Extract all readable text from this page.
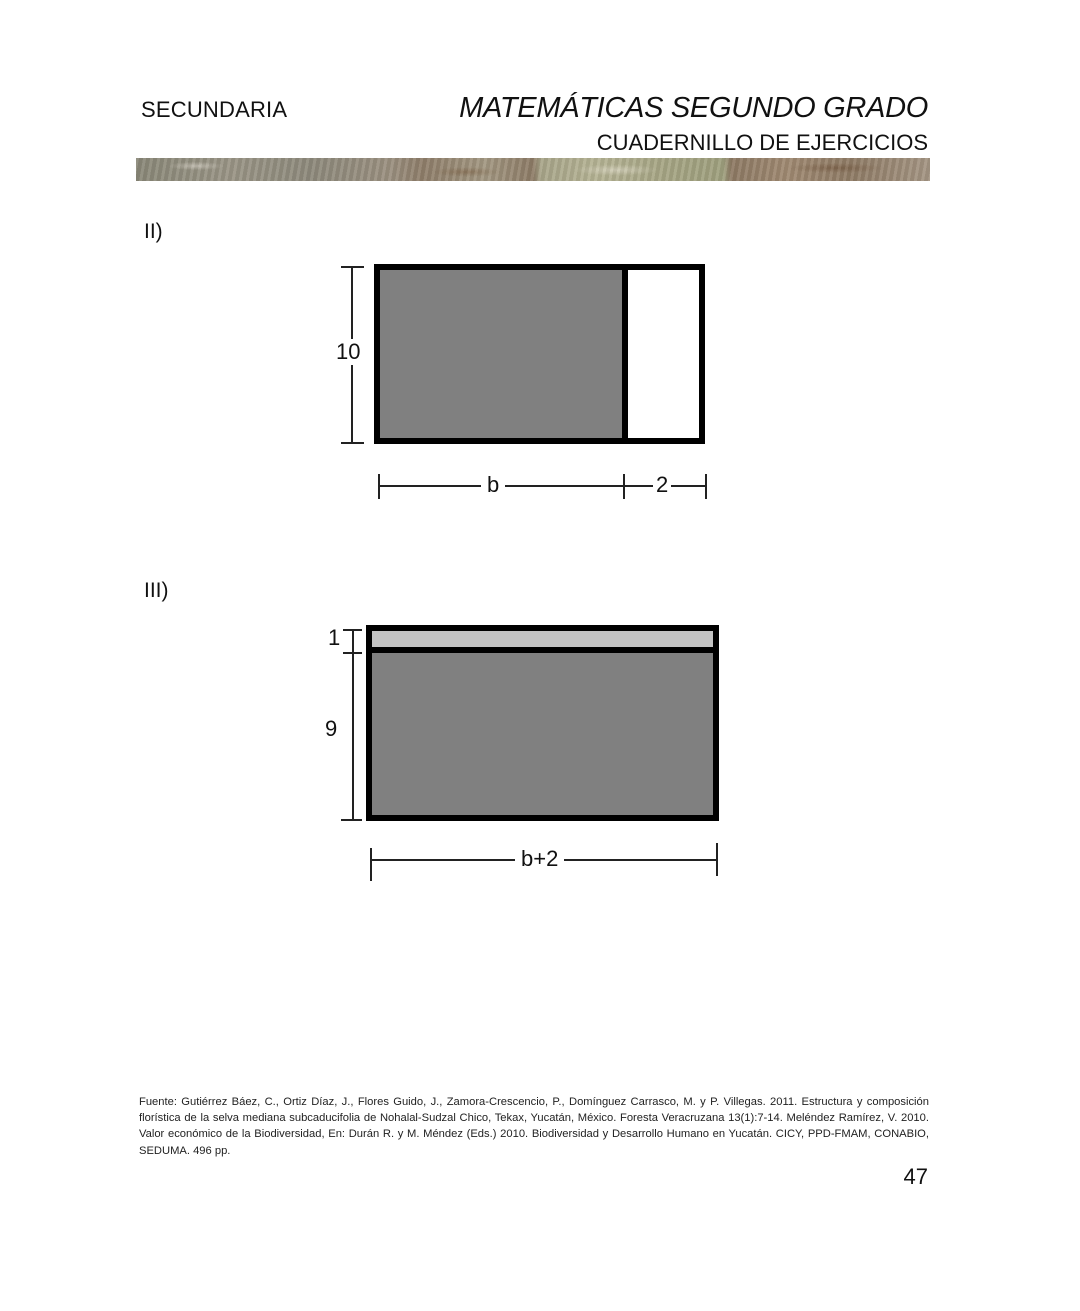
SECUNDARIA	MATEMÁTICAS SEGUNDO GRADO
CUADERNILLO DE EJERCICIOS
II)
10
b	2
III)
1
9
b+2
Fuente: Gutiérrez Báez, C., Ortiz Díaz, J., Flores Guido, J., Zamora-Crescencio, P., Domínguez Carrasco, M. y P. Villegas. 2011. Estructura y composición florística de la selva mediana subcaducifolia de Nohalal-Sudzal Chico, Tekax, Yucatán, México. Foresta Veracruzana 13(1):7-14. Meléndez Ramírez, V. 2010. Valor económico de la Biodiversidad, En: Durán R. y M. Méndez (Eds.) 2010. Biodiversidad y Desarrollo Humano en Yucatán. CICY, PPD-FMAM, CONABIO, SEDUMA. 496 pp.
47
